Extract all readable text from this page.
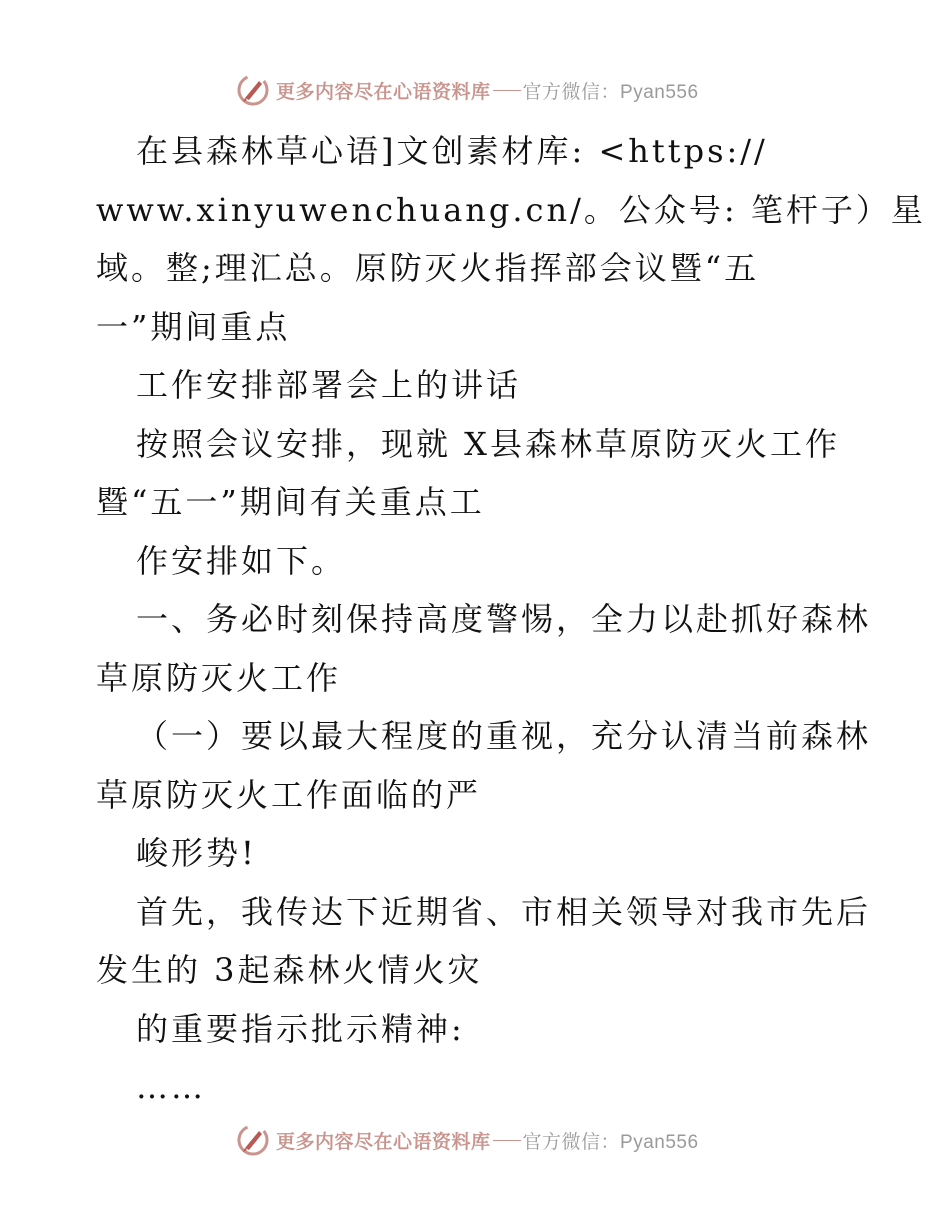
更多内容尽在心语资料库 官方微信：Pyan556
在县森林草心语]文创素材库: <https://
www.xinyuwenchuang.cn/。公众号: 笔杆子）星
域。整;理汇总。原防灭火指挥部会议暨“五
一”期间重点
工作安排部署会上的讲话
按照会议安排，现就 X县森林草原防灭火工作
暨“五一”期间有关重点工
作安排如下。
一、务必时刻保持高度警惕，全力以赴抓好森林
草原防灭火工作
（一）要以最大程度的重视，充分认清当前森林
草原防灭火工作面临的严
峻形势!
首先，我传达下近期省、市相关领导对我市先后
发生的 3起森林火情火灾
的重要指示批示精神:
……
更多内容尽在心语资料库 官方微信：Pyan556
